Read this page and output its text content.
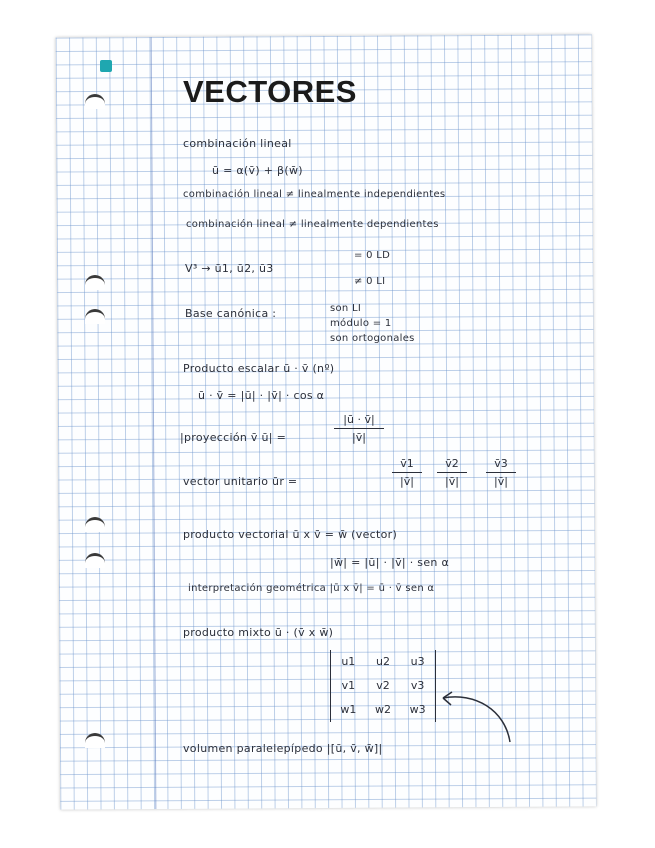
VECTORES
combinación lineal
ū = α(v̄) + β(w̄)
combinación lineal ≠ linealmente independientes
combinación lineal ≠ linealmente dependientes
V³ → ū1, ū2, ū3
= 0 LD
≠ 0 LI
Base canónica :	son LI
módulo = 1
son ortogonales
Producto escalar ū · v̄ (nº)
ū · v̄ = |ū| · |v̄| · cos α
|proyección v̄ ū| =
|ū · v̄|
|v̄|
vector unitario ūr =
v̄1
|v̄|
v̄2
|v̄|
v̄3
|v̄|
producto vectorial ū x v̄ = w̄ (vector)
|w̄| = |ū| · |v̄| · sen α
interpretación geométrica |ū x v̄| = ū · v̄ sen α
producto mixto ū · (v̄ x w̄)
u1 u2 u3
v1 v2 v3
w1 w2 w3
volumen paralelepípedo |[ū, v̄, w̄]|
